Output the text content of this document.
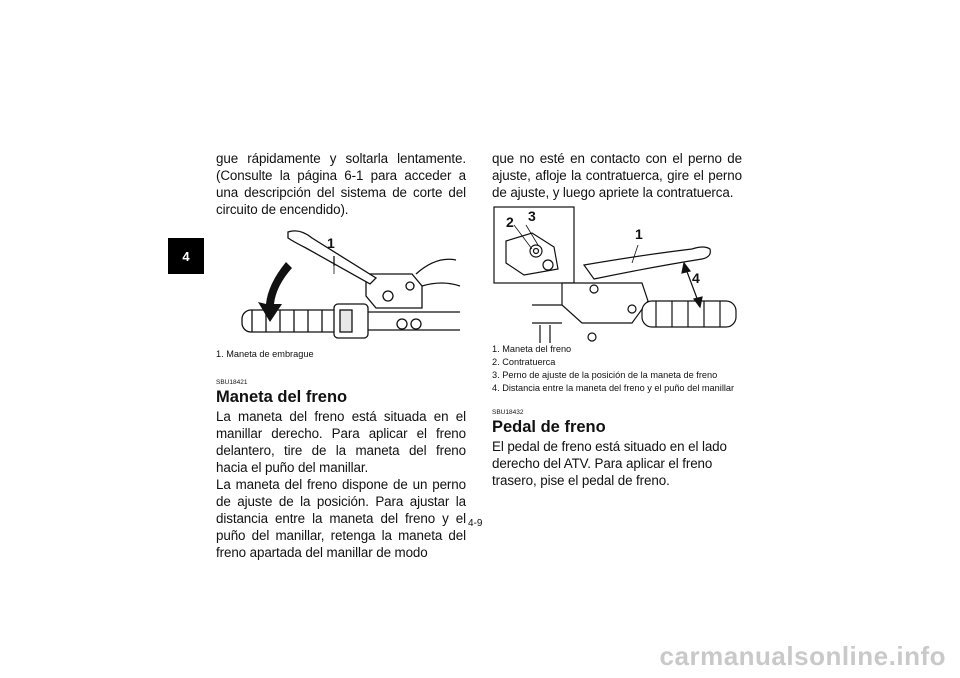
4

gue rápidamente y soltarla lentamente. (Consulte la página 6-1 para acceder a una descripción del sistema de corte del circuito de encendido).

1

1. Maneta de embrague

SBU18421

Maneta del freno

La maneta del freno está situada en el manillar derecho. Para aplicar el freno delantero, tire de la maneta del freno hacia el puño del manillar.

La maneta del freno dispone de un perno de ajuste de la posición. Para ajustar la distancia entre la maneta del freno y el puño del manillar, retenga la maneta del freno apartada del manillar de modo

que no esté en contacto con el perno de ajuste, afloje la contratuerca, gire el perno de ajuste, y luego apriete la contratuerca.

1
2 3
4

1. Maneta del freno

2. Contratuerca

3. Perno de ajuste de la posición de la maneta de freno

4. Distancia entre la maneta del freno y el puño del manillar

SBU18432

Pedal de freno

El pedal de freno está situado en el lado derecho del ATV. Para aplicar el freno trasero, pise el pedal de freno.

4-9
carmanualsonline.info
